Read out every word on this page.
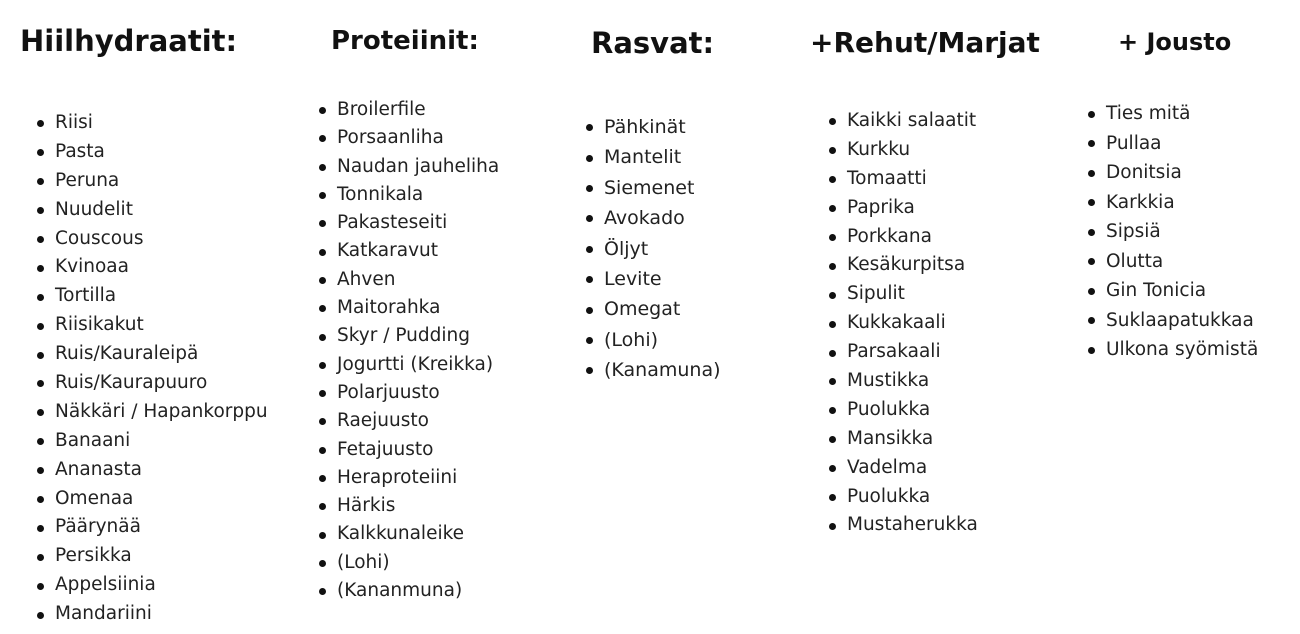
Hiilhydraatit:
Riisi
Pasta
Peruna
Nuudelit
Couscous
Kvinoaa
Tortilla
Riisikakut
Ruis/Kauraleipä
Ruis/Kaurapuuro
Näkkäri / Hapankorppu
Banaani
Ananasta
Omenaa
Päärynää
Persikka
Appelsiinia
Mandariini
Proteiinit:
Broilerfile
Porsaanliha
Naudan jauheliha
Tonnikala
Pakasteseiti
Katkaravut
Ahven
Maitorahka
Skyr / Pudding
Jogurtti (Kreikka)
Polarjuusto
Raejuusto
Fetajuusto
Heraproteiini
Härkis
Kalkkunaleike
(Lohi)
(Kananmuna)
Rasvat:
Pähkinät
Mantelit
Siemenet
Avokado
Öljyt
Levite
Omegat
(Lohi)
(Kanamuna)
+Rehut/Marjat
Kaikki salaatit
Kurkku
Tomaatti
Paprika
Porkkana
Kesäkurpitsa
Sipulit
Kukkakaali
Parsakaali
Mustikka
Puolukka
Mansikka
Vadelma
Puolukka
Mustaherukka
+ Jousto
Ties mitä
Pullaa
Donitsia
Karkkia
Sipsiä
Olutta
Gin Tonicia
Suklaapatukkaa
Ulkona syömistä
